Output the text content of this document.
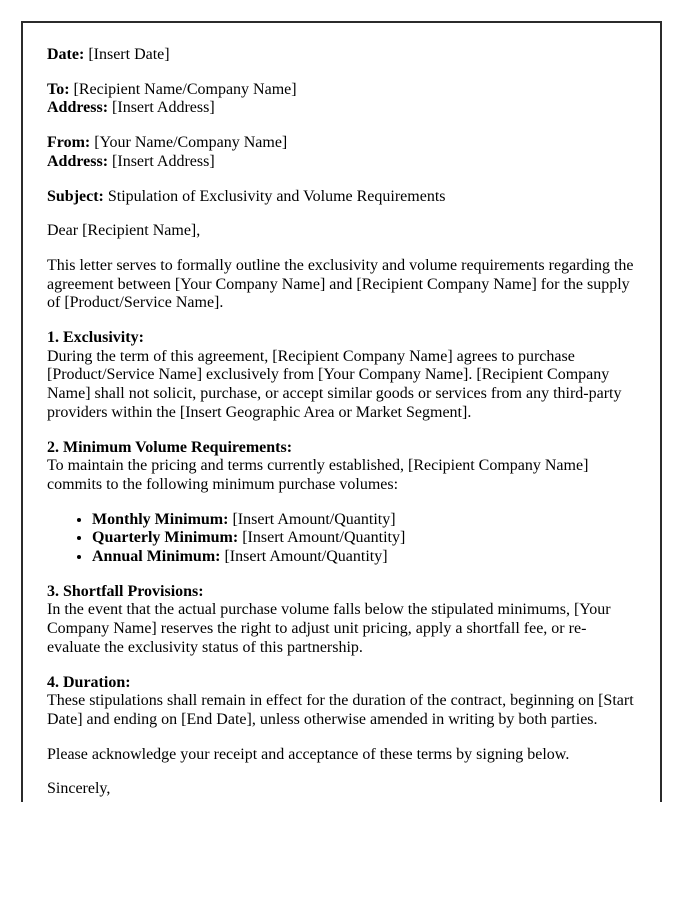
Date: [Insert Date]

To: [Recipient Name/Company Name]
Address: [Insert Address]

From: [Your Name/Company Name]
Address: [Insert Address]

Subject: Stipulation of Exclusivity and Volume Requirements

Dear [Recipient Name],

This letter serves to formally outline the exclusivity and volume requirements regarding the agreement between [Your Company Name] and [Recipient Company Name] for the supply of [Product/Service Name].

1. Exclusivity:
During the term of this agreement, [Recipient Company Name] agrees to purchase [Product/Service Name] exclusively from [Your Company Name]. [Recipient Company Name] shall not solicit, purchase, or accept similar goods or services from any third-party providers within the [Insert Geographic Area or Market Segment].

2. Minimum Volume Requirements:
To maintain the pricing and terms currently established, [Recipient Company Name] commits to the following minimum purchase volumes:

• Monthly Minimum: [Insert Amount/Quantity]
• Quarterly Minimum: [Insert Amount/Quantity]
• Annual Minimum: [Insert Amount/Quantity]

3. Shortfall Provisions:
In the event that the actual purchase volume falls below the stipulated minimums, [Your Company Name] reserves the right to adjust unit pricing, apply a shortfall fee, or re-evaluate the exclusivity status of this partnership.

4. Duration:
These stipulations shall remain in effect for the duration of the contract, beginning on [Start Date] and ending on [End Date], unless otherwise amended in writing by both parties.

Please acknowledge your receipt and acceptance of these terms by signing below.

Sincerely,
